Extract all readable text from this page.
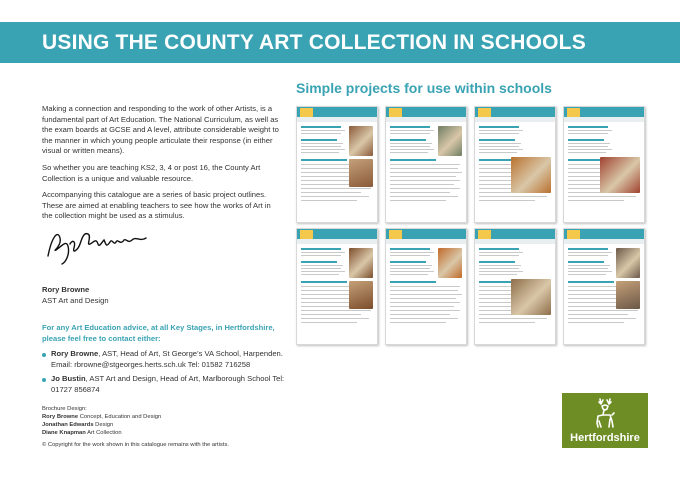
USING THE COUNTY ART COLLECTION IN SCHOOLS

Making a connection and responding to the work of other Artists, is a fundamental part of Art Education. The National Curriculum, as well as the exam boards at GCSE and A level, attribute considerable weight to the manner in which young people articulate their response (in either visual or written means).

So whether you are teaching KS2, 3, 4 or post 16, the County Art Collection is a unique and valuable resource.

Accompanying this catalogue are a series of basic project outlines. These are aimed at enabling teachers to see how the works of Art in the collection might be used as a stimulus.

Rory Browne
AST Art and Design
For any Art Education advice, at all Key Stages, in Hertfordshire, please feel free to contact either:
Rory Browne, AST, Head of Art, St George’s VA School, Harpenden. Email: rbrowne@stgeorges.herts.sch.uk Tel: 01582 716258
Jo Bustin, AST Art and Design, Head of Art, Marlborough School Tel: 01727 856874
Brochure Design:
Rory Browne Concept, Education and Design
Jonathan Edwards Design
Diane Knapman Art Collection
© Copyright for the work shown in this catalogue remains with the artists.
Simple projects for use within schools
Hertfordshire
